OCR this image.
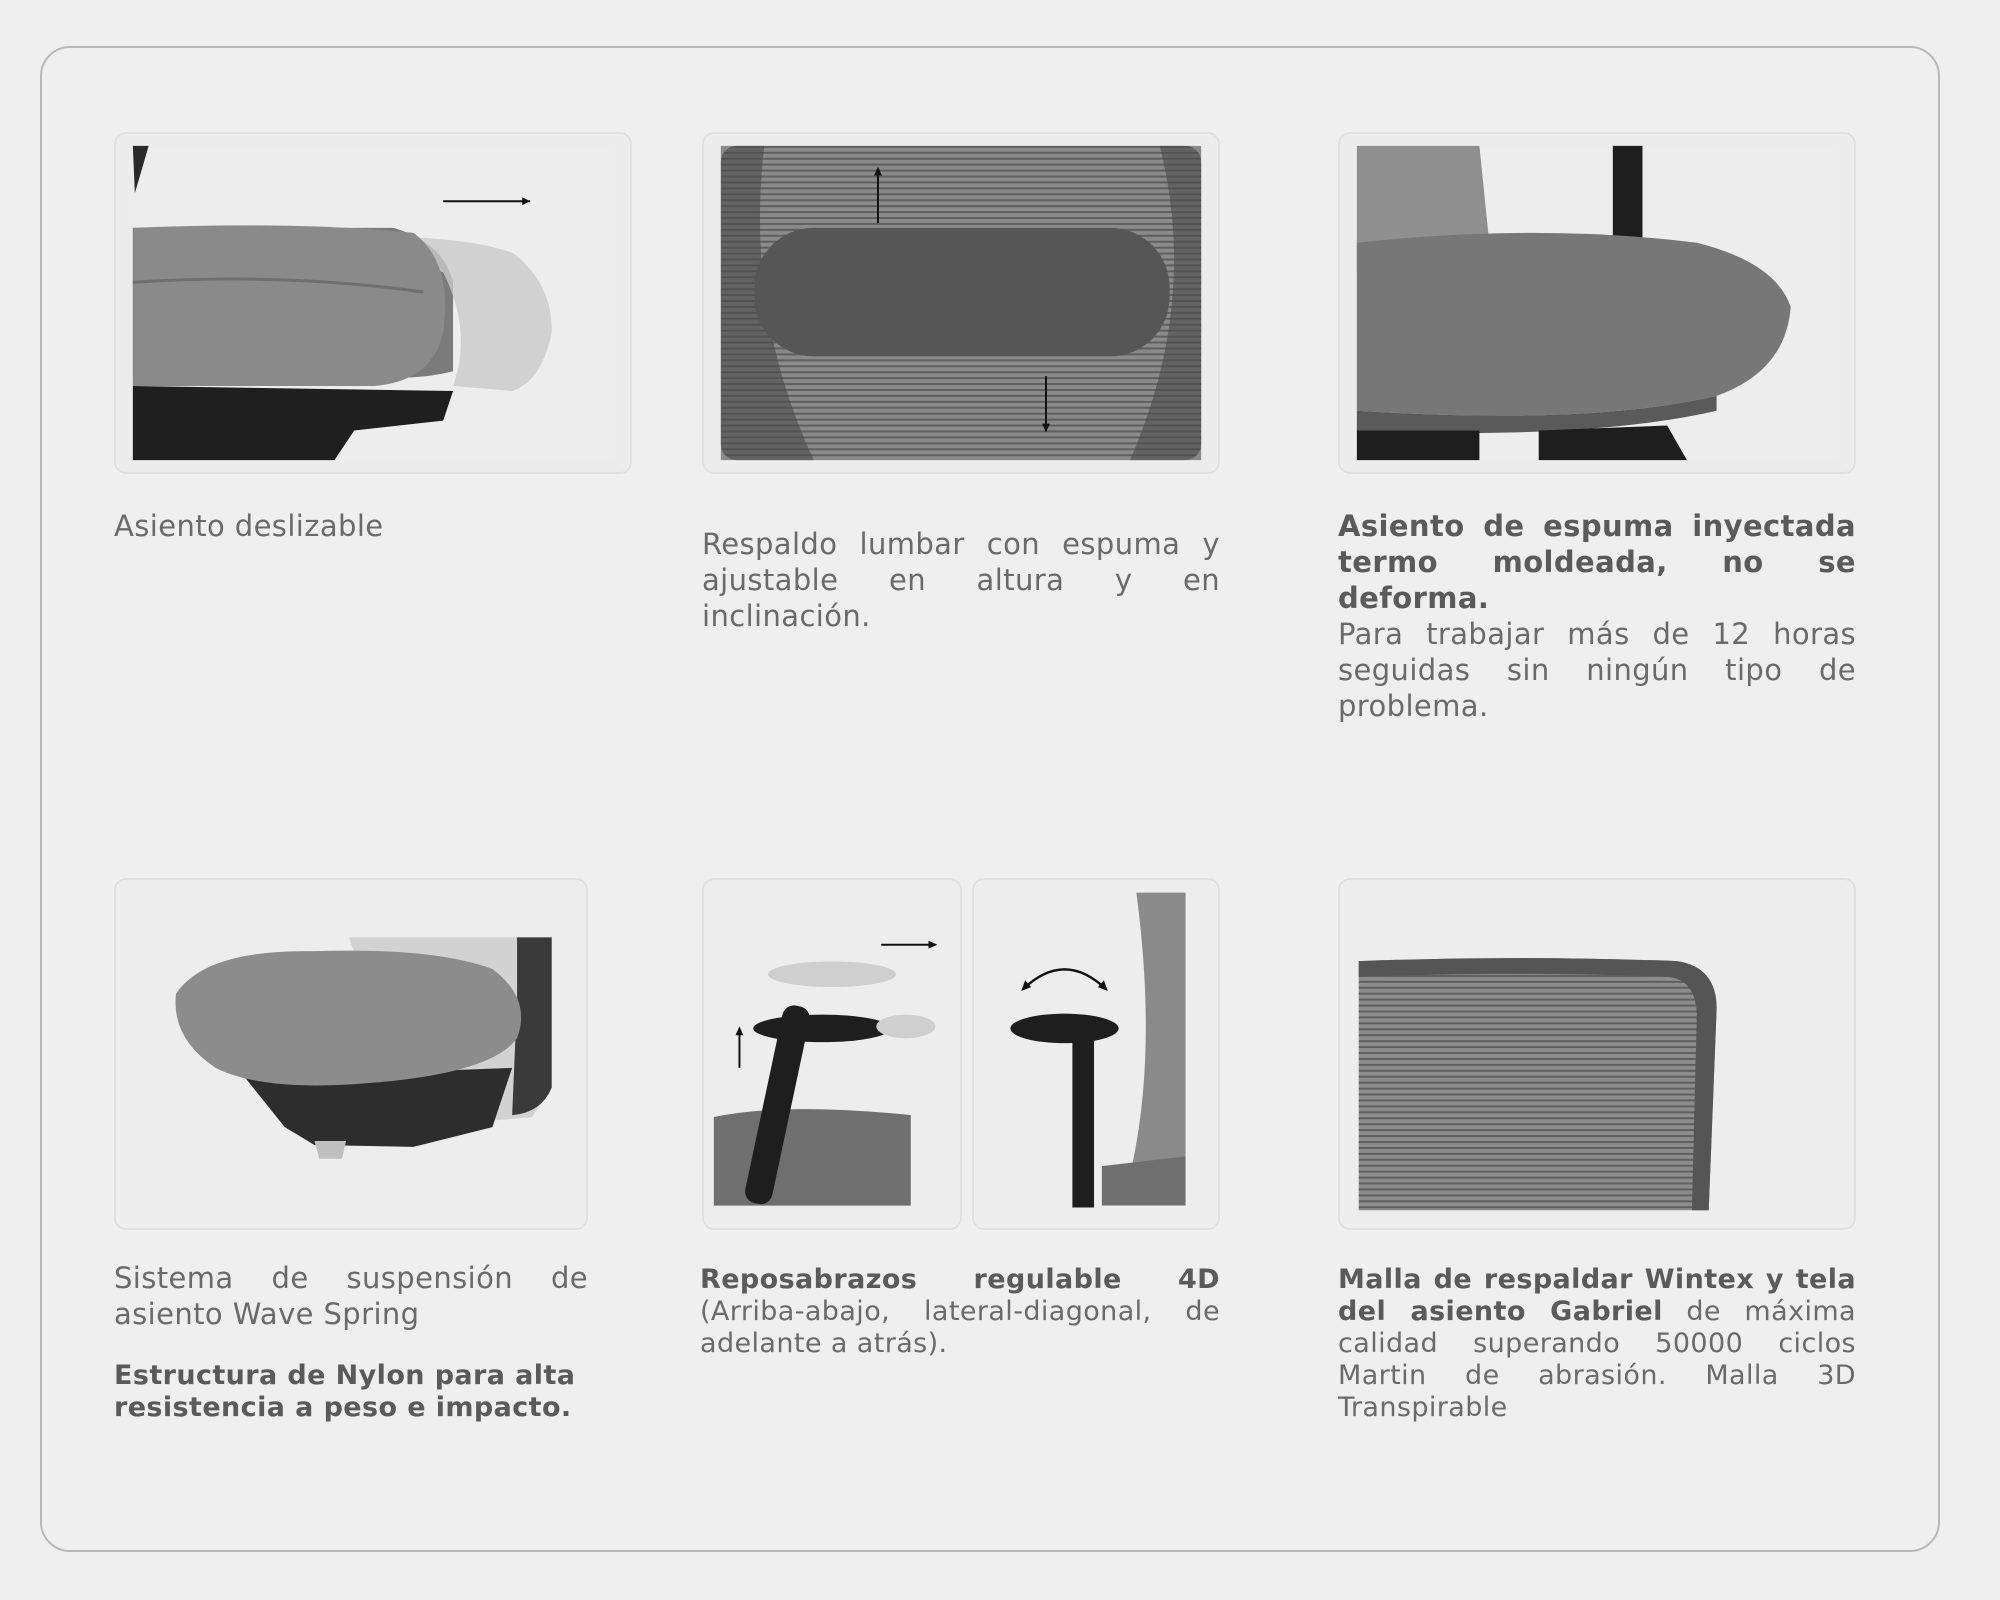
Asiento deslizable
Respaldo lumbar con espuma y ajustable en altura y en inclinación.
Asiento de espuma inyectada termo moldeada, no se deforma.
Para trabajar más de 12 horas seguidas sin ningún tipo de problema.
Sistema de suspensión de asiento Wave Spring
Estructura de Nylon para alta resistencia a peso e impacto.
Reposabrazos regulable 4D (Arriba-abajo, lateral-diagonal, de adelante a atrás).
Malla de respaldar Wintex y tela del asiento Gabriel de máxima calidad superando 50000 ciclos Martin de abrasión. Malla 3D Transpirable
